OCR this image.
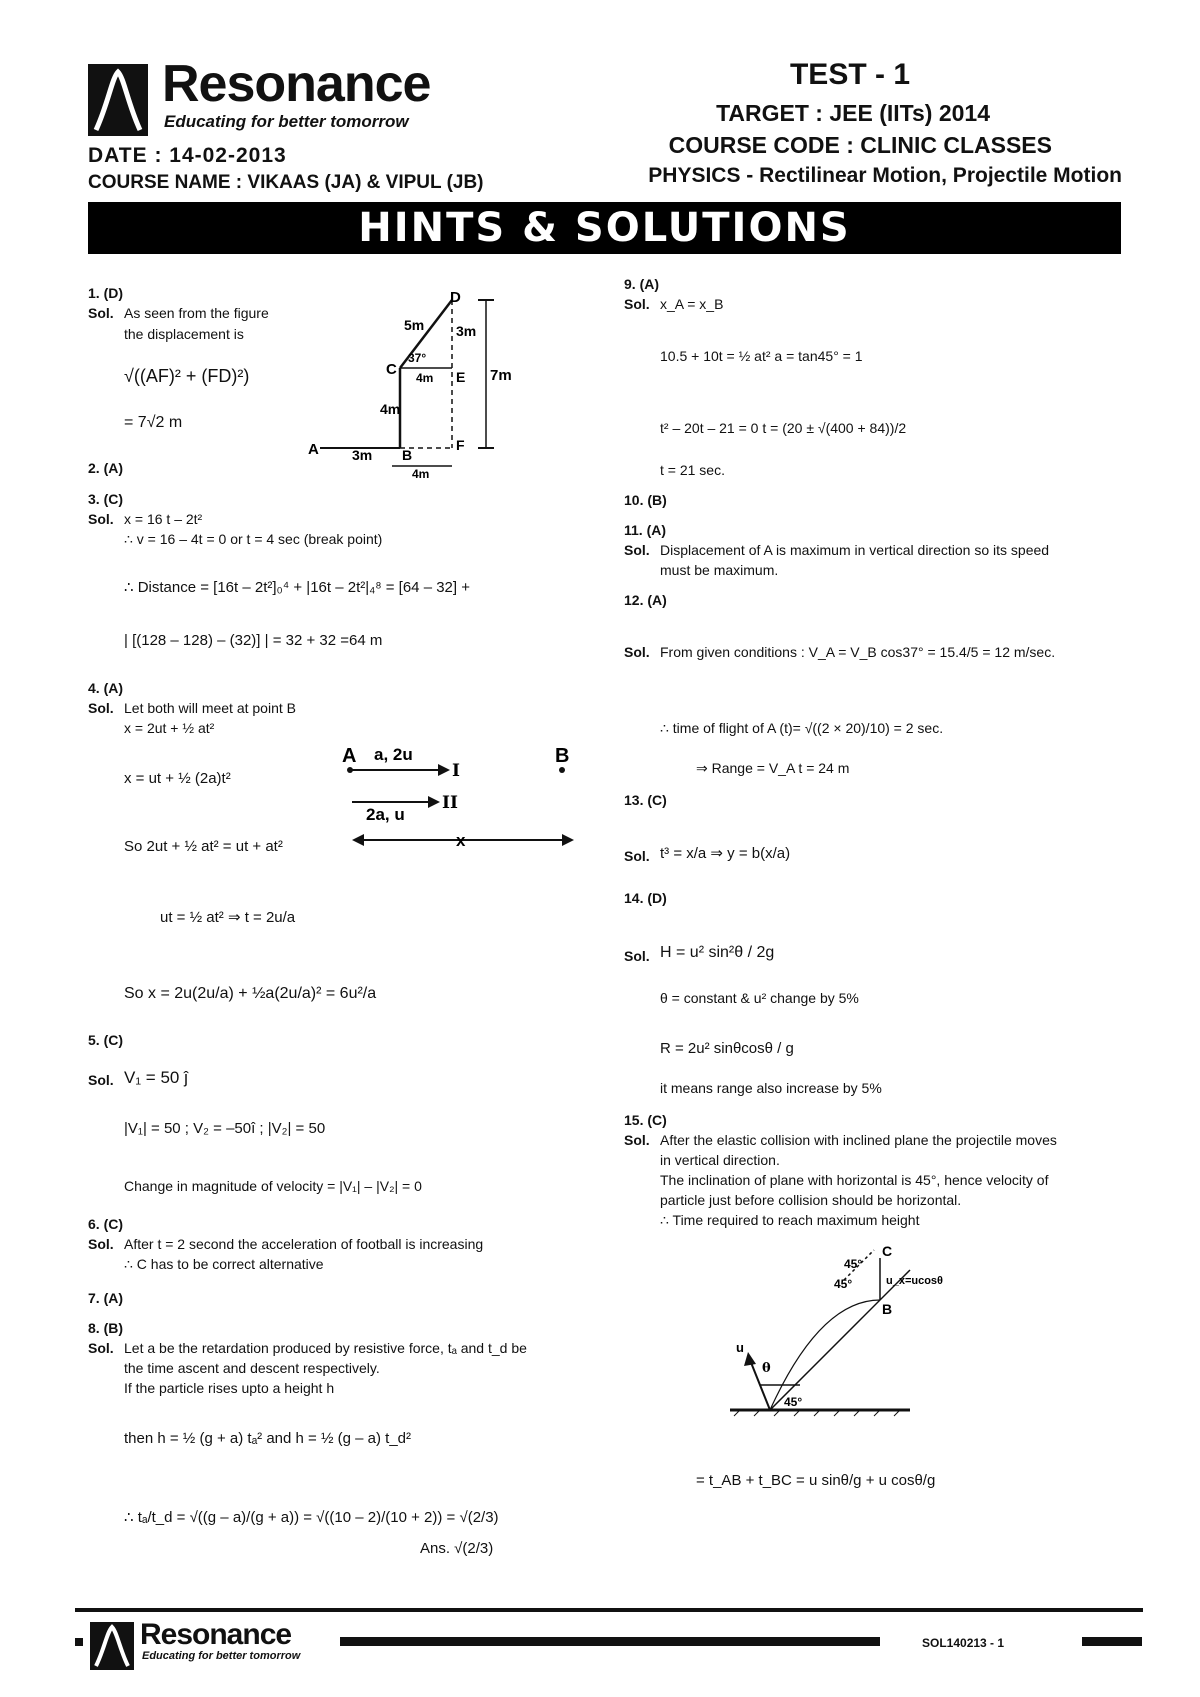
Resonance
Educating for better tomorrow
DATE : 14-02-2013
COURSE NAME : VIKAAS (JA) & VIPUL (JB)
TEST - 1
TARGET : JEE (IITs) 2014
COURSE CODE : CLINIC CLASSES
PHYSICS - Rectilinear Motion, Projectile Motion
HINTS & SOLUTIONS
1. (D)
Sol. As seen from the figure
the displacement is
√((AF)² + (FD)²)
= 7√2 m
D
C	E
A	B
F
5m 3m
37°
4m
4m
7m
3m
4m
2. (A)
3. (C)
Sol. x = 16 t – 2t²
∴ v = 16 – 4t = 0 or t = 4 sec (break point)
∴ Distance = [16t – 2t²]₀⁴ + |16t – 2t²|₄⁸ = [64 – 32] +
| [(128 – 128) – (32)] | = 32 + 32 =64 m
4. (A)
Sol. Let both will meet at point B
x = 2ut + ½ at²
x = ut + ½ (2a)t²
So 2ut + ½ at² = ut + at²
ut = ½ at² ⇒ t = 2u/a
So x = 2u(2u/a) + ½a(2u/a)² = 6u²/a
A	B
a, 2u
I
2a, u
II
x
5. (C)
Sol. V₁ = 50 ĵ
|V₁| = 50 ; V₂ = –50î ; |V₂| = 50
Change in magnitude of velocity = |V₁| – |V₂| = 0
6. (C)
Sol. After t = 2 second the acceleration of football is increasing
∴ C has to be correct alternative
7. (A)
8. (B)
Sol. Let a be the retardation produced by resistive force, tₐ and t_d be
the time ascent and descent respectively.
If the particle rises upto a height h
then h = ½ (g + a) tₐ² and h = ½ (g – a) t_d²
∴ tₐ/t_d = √((g – a)/(g + a)) = √((10 – 2)/(10 + 2)) = √(2/3)
Ans. √(2/3)
9. (A)
Sol. x_A = x_B
10.5 + 10t = ½ at² a = tan45° = 1
t² – 20t – 21 = 0 t = (20 ± √(400 + 84))/2
t = 21 sec.
10. (B)
11. (A)
Sol. Displacement of A is maximum in vertical direction so its speed
must be maximum.
12. (A)
Sol. From given conditions : V_A = V_B cos37° = 15.4/5 = 12 m/sec.
∴ time of flight of A (t)= √((2 × 20)/10) = 2 sec.
⇒ Range = V_A t = 24 m
13. (C)
Sol. t³ = x/a ⇒ y = b(x/a)
14. (D)
Sol. H = u² sin²θ / 2g
θ = constant & u² change by 5%
R = 2u² sinθcosθ / g
it means range also increase by 5%
15. (C)
Sol. After the elastic collision with inclined plane the projectile moves
in vertical direction.
The inclination of plane with horizontal is 45°, hence velocity of
particle just before collision should be horizontal.
∴ Time required to reach maximum height
C
B
45°
45°
45°
θ
u
u_x=ucosθ
= t_AB + t_BC = u sinθ/g + u cosθ/g
Resonance
Educating for better tomorrow
SOL140213 - 1
